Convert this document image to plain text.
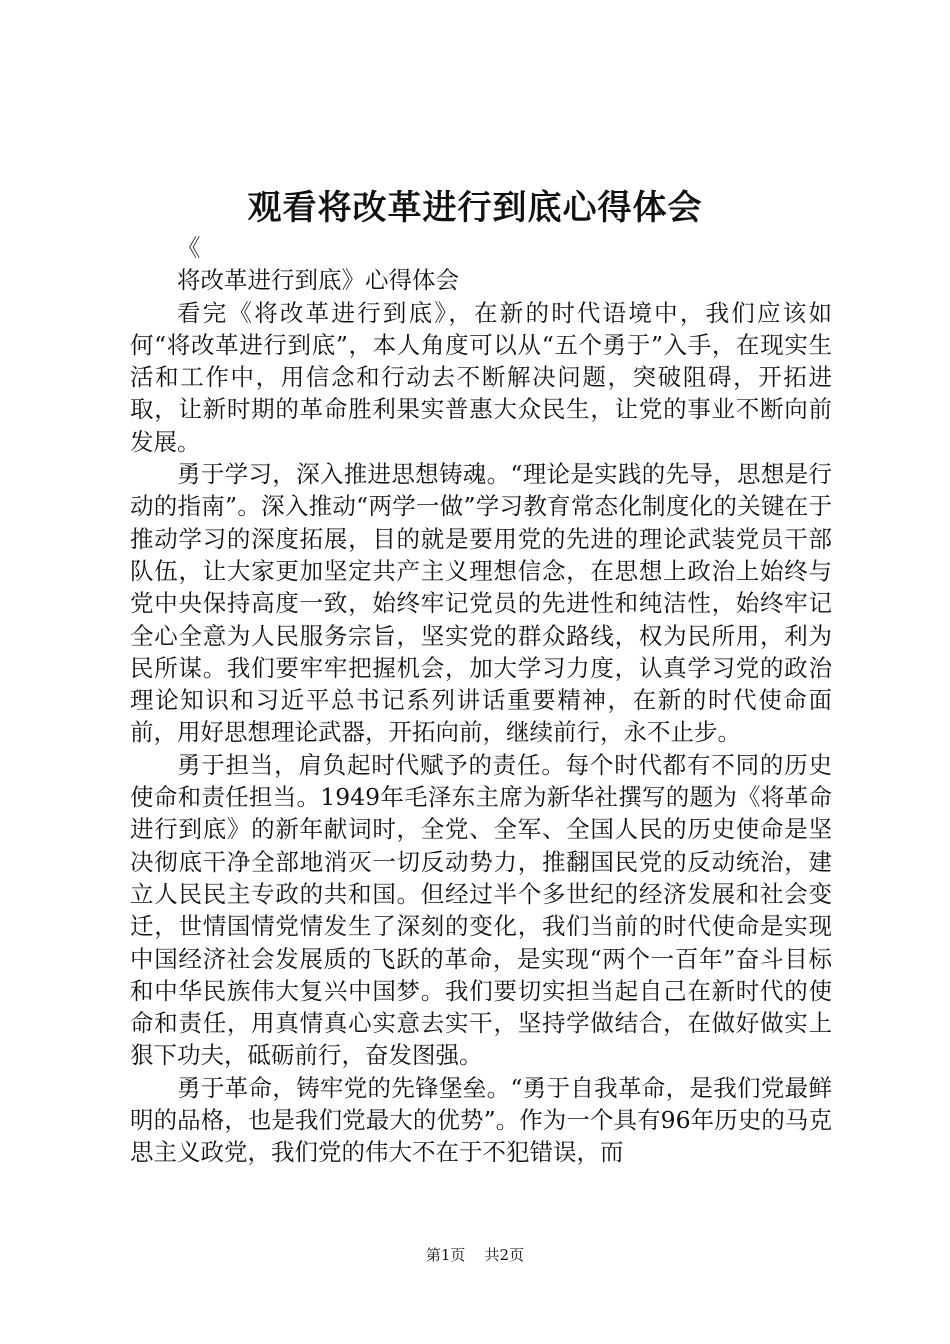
观看将改革进行到底心得体会

《

将改革进行到底》心得体会

看完《将改革进行到底》，在新的时代语境中，我们应该如何“将改革进行到底”，本人角度可以从“五个勇于”入手，在现实生活和工作中，用信念和行动去不断解决问题，突破阻碍，开拓进取，让新时期的革命胜利果实普惠大众民生，让党的事业不断向前发展。

勇于学习，深入推进思想铸魂。“理论是实践的先导，思想是行动的指南”。深入推动“两学一做”学习教育常态化制度化的关键在于推动学习的深度拓展，目的就是要用党的先进的理论武装党员干部队伍，让大家更加坚定共产主义理想信念，在思想上政治上始终与党中央保持高度一致，始终牢记党员的先进性和纯洁性，始终牢记全心全意为人民服务宗旨，坚实党的群众路线，权为民所用，利为民所谋。我们要牢牢把握机会，加大学习力度，认真学习党的政治理论知识和习近平总书记系列讲话重要精神，在新的时代使命面前，用好思想理论武器，开拓向前，继续前行，永不止步。

勇于担当，肩负起时代赋予的责任。每个时代都有不同的历史使命和责任担当。1949年毛泽东主席为新华社撰写的题为《将革命进行到底》的新年献词时，全党、全军、全国人民的历史使命是坚决彻底干净全部地消灭一切反动势力，推翻国民党的反动统治，建立人民民主专政的共和国。但经过半个多世纪的经济发展和社会变迁，世情国情党情发生了深刻的变化，我们当前的时代使命是实现中国经济社会发展质的飞跃的革命，是实现“两个一百年”奋斗目标和中华民族伟大复兴中国梦。我们要切实担当起自己在新时代的使命和责任，用真情真心实意去实干，坚持学做结合，在做好做实上狠下功夫，砥砺前行，奋发图强。

勇于革命，铸牢党的先锋堡垒。“勇于自我革命，是我们党最鲜明的品格，也是我们党最大的优势”。作为一个具有96年历史的马克思主义政党，我们党的伟大不在于不犯错误，而

第1页 共2页
